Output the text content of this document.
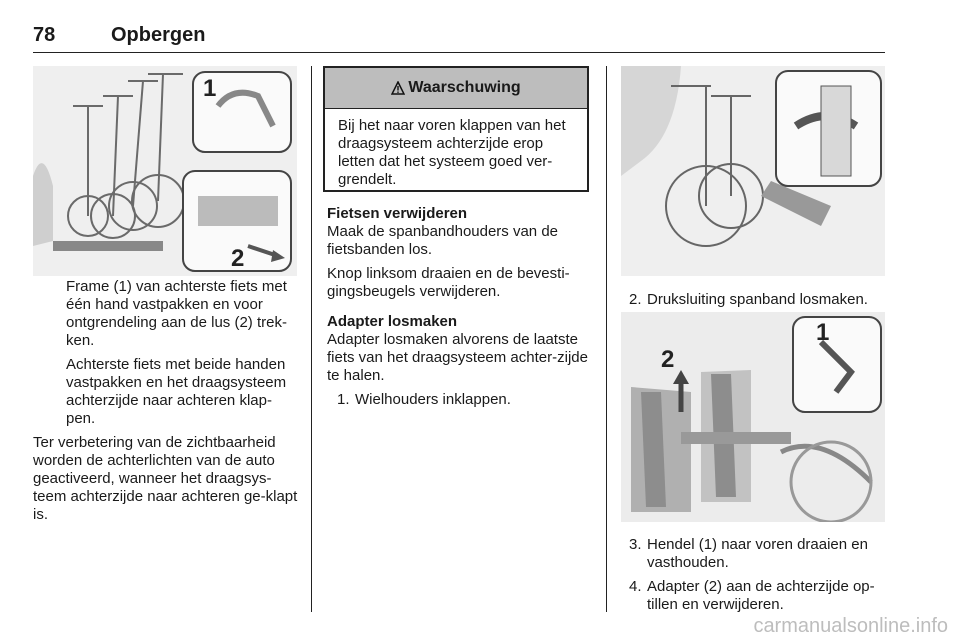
78	Opbergen
1
2

Frame (1) van achterste fiets met één hand vastpakken en voor ontgrendeling aan de lus (2) trek-ken.

Achterste fiets met beide handen vastpakken en het draagsysteem achterzijde naar achteren klap-pen.

Ter verbetering van de zichtbaarheid worden de achterlichten van de auto geactiveerd, wanneer het draagsys-teem achterzijde naar achteren ge-klapt is.

Waarschuwing
Bij het naar voren klappen van het draagsysteem achterzijde erop letten dat het systeem goed ver-grendelt.

Fietsen verwijderen

Maak de spanbandhouders van de fietsbanden los.

Knop linksom draaien en de bevesti-gingsbeugels verwijderen.

Adapter losmaken

Adapter losmaken alvorens de laatste fiets van het draagsysteem achter-zijde te halen.

1. Wielhouders inklappen.
2. Druksluiting spanband losmaken.
2
1
3. Hendel (1) naar voren draaien en vasthouden.
4. Adapter (2) aan de achterzijde op-tillen en verwijderen.
carmanualsonline.info
